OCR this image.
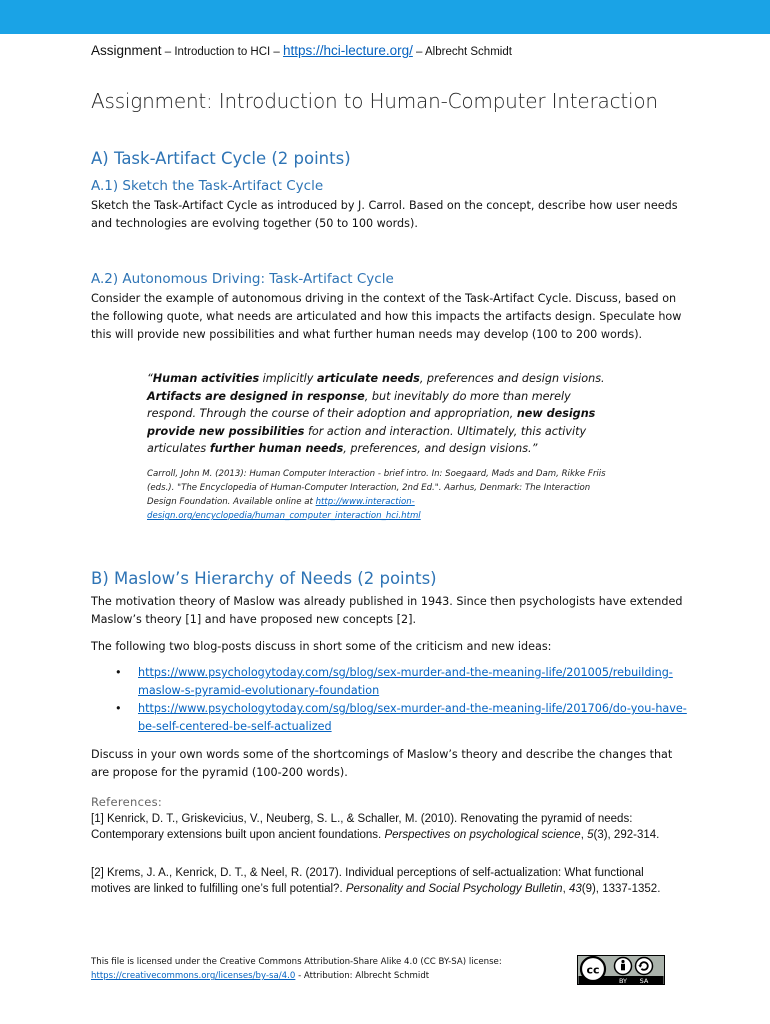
Assignment – Introduction to HCI – https://hci-lecture.org/ – Albrecht Schmidt
Assignment: Introduction to Human-Computer Interaction
A) Task-Artifact Cycle (2 points)
A.1) Sketch the Task-Artifact Cycle
Sketch the Task-Artifact Cycle as introduced by J. Carrol. Based on the concept, describe how user needs and technologies are evolving together (50 to 100 words).
A.2) Autonomous Driving: Task-Artifact Cycle
Consider the example of autonomous driving in the context of the Task-Artifact Cycle. Discuss, based on the following quote, what needs are articulated and how this impacts the artifacts design. Speculate how this will provide new possibilities and what further human needs may develop (100 to 200 words).
“Human activities implicitly articulate needs, preferences and design visions. Artifacts are designed in response, but inevitably do more than merely respond. Through the course of their adoption and appropriation, new designs provide new possibilities for action and interaction. Ultimately, this activity articulates further human needs, preferences, and design visions.”
Carroll, John M. (2013): Human Computer Interaction - brief intro. In: Soegaard, Mads and Dam, Rikke Friis (eds.). "The Encyclopedia of Human-Computer Interaction, 2nd Ed.". Aarhus, Denmark: The Interaction Design Foundation. Available online at http://www.interaction-design.org/encyclopedia/human_computer_interaction_hci.html
B) Maslow’s Hierarchy of Needs (2 points)
The motivation theory of Maslow was already published in 1943. Since then psychologists have extended Maslow’s theory [1] and have proposed new concepts [2].
The following two blog-posts discuss in short some of the criticism and new ideas:
• https://www.psychologytoday.com/sg/blog/sex-murder-and-the-meaning-life/201005/rebuilding-maslow-s-pyramid-evolutionary-foundation
• https://www.psychologytoday.com/sg/blog/sex-murder-and-the-meaning-life/201706/do-you-have-be-self-centered-be-self-actualized
Discuss in your own words some of the shortcomings of Maslow’s theory and describe the changes that are propose for the pyramid (100-200 words).
References:
[1] Kenrick, D. T., Griskevicius, V., Neuberg, S. L., & Schaller, M. (2010). Renovating the pyramid of needs: Contemporary extensions built upon ancient foundations. Perspectives on psychological science, 5(3), 292-314.
[2] Krems, J. A., Kenrick, D. T., & Neel, R. (2017). Individual perceptions of self-actualization: What functional motives are linked to fulfilling one’s full potential?. Personality and Social Psychology Bulletin, 43(9), 1337-1352.
This file is licensed under the Creative Commons Attribution-Share Alike 4.0 (CC BY-SA) license: https://creativecommons.org/licenses/by-sa/4.0 - Attribution: Albrecht Schmidt	cc
BY SA
